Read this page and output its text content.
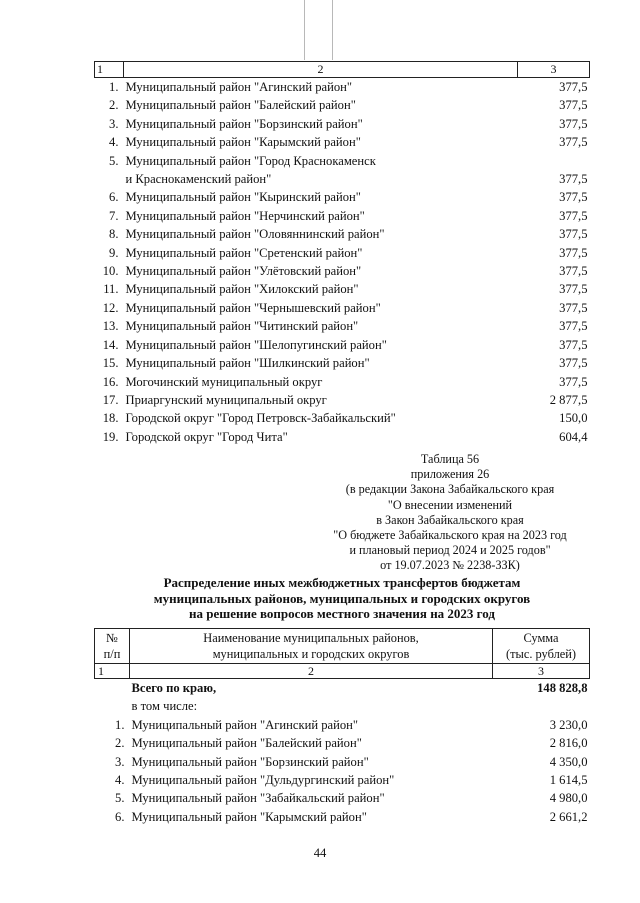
1	2	3
1.	Муниципальный район "Агинский район"	377,5
2.	Муниципальный район "Балейский район"	377,5
3.	Муниципальный район "Борзинский район"	377,5
4.	Муниципальный район "Карымский район"	377,5
5.	Муниципальный район "Город Краснокаменск
и Краснокаменский район"	377,5
6.	Муниципальный район "Кыринский район"	377,5
7.	Муниципальный район "Нерчинский район"	377,5
8.	Муниципальный район "Оловяннинский район"	377,5
9.	Муниципальный район "Сретенский район"	377,5
10.	Муниципальный район "Улётовский район"	377,5
11.	Муниципальный район "Хилокский район"	377,5
12.	Муниципальный район "Чернышевский район"	377,5
13.	Муниципальный район "Читинский район"	377,5
14.	Муниципальный район "Шелопугинский район"	377,5
15.	Муниципальный район "Шилкинский район"	377,5
16.	Могочинский муниципальный округ	377,5
17.	Приаргунский муниципальный округ	2 877,5
18.	Городской округ "Город Петровск-Забайкальский"	150,0
19.	Городской округ "Город Чита"	604,4
Таблица 56
приложения 26
(в редакции Закона Забайкальского края
"О внесении изменений
в Закон Забайкальского края
"О бюджете Забайкальского края на 2023 год
и плановый период 2024 и 2025 годов"
от 19.07.2023 № 2238-ЗЗК)
Распределение иных межбюджетных трансфертов бюджетам
муниципальных районов, муниципальных и городских округов
на решение вопросов местного значения на 2023 год
№
п/п	Наименование муниципальных районов,
муниципальных и городских округов	Сумма
(тыс. рублей)
1	2	3
	Всего по краю,	148 828,8
	в том числе:	
1.	Муниципальный район "Агинский район"	3 230,0
2.	Муниципальный район "Балейский район"	2 816,0
3.	Муниципальный район "Борзинский район"	4 350,0
4.	Муниципальный район "Дульдургинский район"	1 614,5
5.	Муниципальный район "Забайкальский район"	4 980,0
6.	Муниципальный район "Карымский район"	2 661,2
44
